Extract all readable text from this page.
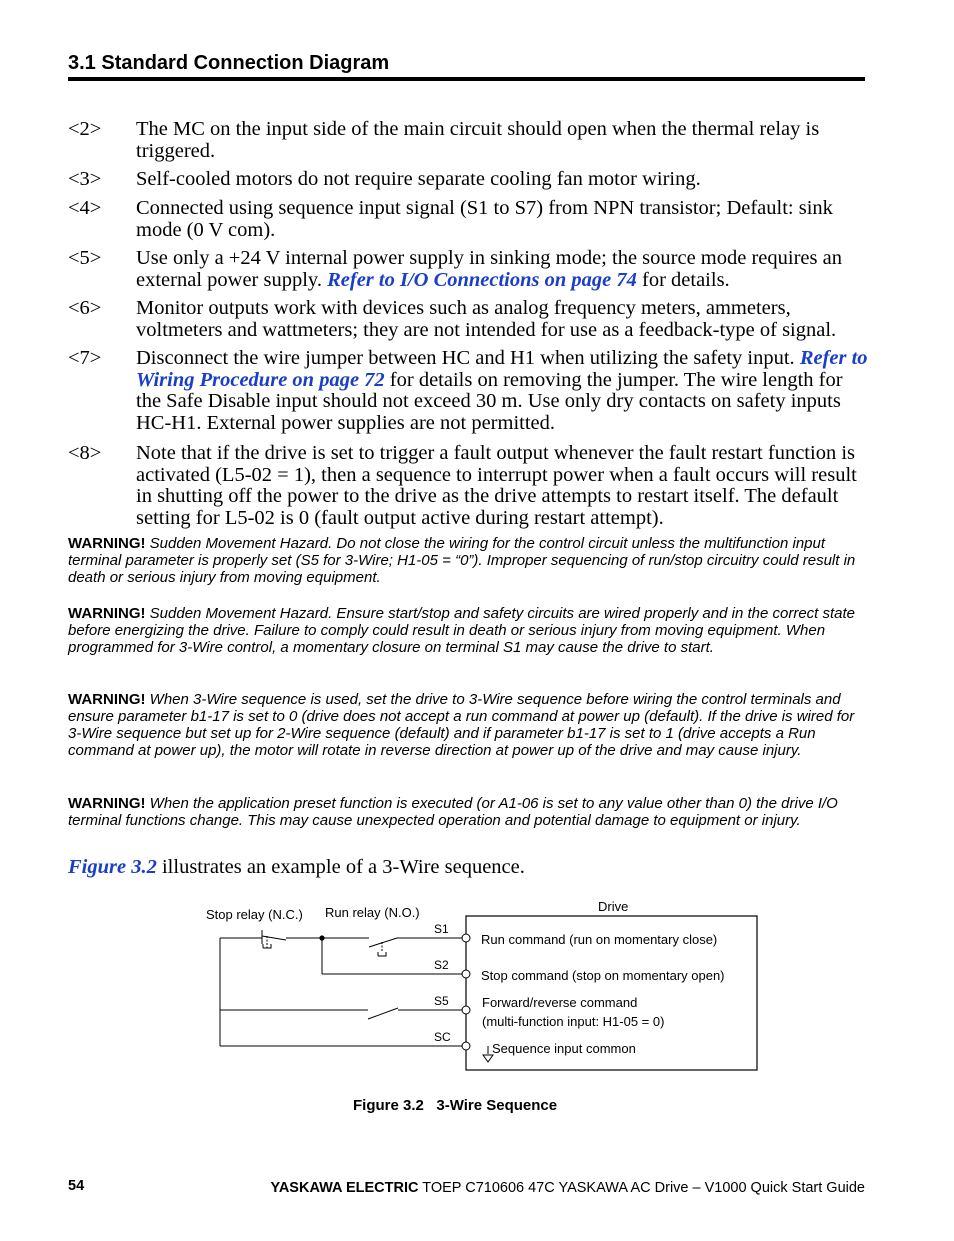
3.1 Standard Connection Diagram
<2> The MC on the input side of the main circuit should open when the thermal relay is triggered.
<3> Self-cooled motors do not require separate cooling fan motor wiring.
<4> Connected using sequence input signal (S1 to S7) from NPN transistor; Default: sink mode (0 V com).
<5> Use only a +24 V internal power supply in sinking mode; the source mode requires an external power supply. Refer to I/O Connections on page 74 for details.
<6> Monitor outputs work with devices such as analog frequency meters, ammeters, voltmeters and wattmeters; they are not intended for use as a feedback-type of signal.
<7> Disconnect the wire jumper between HC and H1 when utilizing the safety input. Refer to Wiring Procedure on page 72 for details on removing the jumper. The wire length for the Safe Disable input should not exceed 30 m. Use only dry contacts on safety inputs HC-H1. External power supplies are not permitted.
<8> Note that if the drive is set to trigger a fault output whenever the fault restart function is activated (L5-02 = 1), then a sequence to interrupt power when a fault occurs will result in shutting off the power to the drive as the drive attempts to restart itself. The default setting for L5-02 is 0 (fault output active during restart attempt).
WARNING! Sudden Movement Hazard. Do not close the wiring for the control circuit unless the multifunction input terminal parameter is properly set (S5 for 3-Wire; H1-05 = “0”). Improper sequencing of run/stop circuitry could result in death or serious injury from moving equipment.
WARNING! Sudden Movement Hazard. Ensure start/stop and safety circuits are wired properly and in the correct state before energizing the drive. Failure to comply could result in death or serious injury from moving equipment. When programmed for 3-Wire control, a momentary closure on terminal S1 may cause the drive to start.
WARNING! When 3-Wire sequence is used, set the drive to 3-Wire sequence before wiring the control terminals and ensure parameter b1-17 is set to 0 (drive does not accept a run command at power up (default). If the drive is wired for 3-Wire sequence but set up for 2-Wire sequence (default) and if parameter b1-17 is set to 1 (drive accepts a Run command at power up), the motor will rotate in reverse direction at power up of the drive and may cause injury.
WARNING! When the application preset function is executed (or A1-06 is set to any value other than 0) the drive I/O terminal functions change. This may cause unexpected operation and potential damage to equipment or injury.
Figure 3.2 illustrates an example of a 3-Wire sequence.
Drive
Stop relay (N.C.) Run relay (N.O.)
S1
S2
S5
SC
Run command (run on momentary close)
Stop command (stop on momentary open)
Forward/reverse command
(multi-function input: H1-05 = 0)
Sequence input common
Figure 3.2   3-Wire Sequence
54	YASKAWA ELECTRIC TOEP C710606 47C YASKAWA AC Drive – V1000 Quick Start Guide
